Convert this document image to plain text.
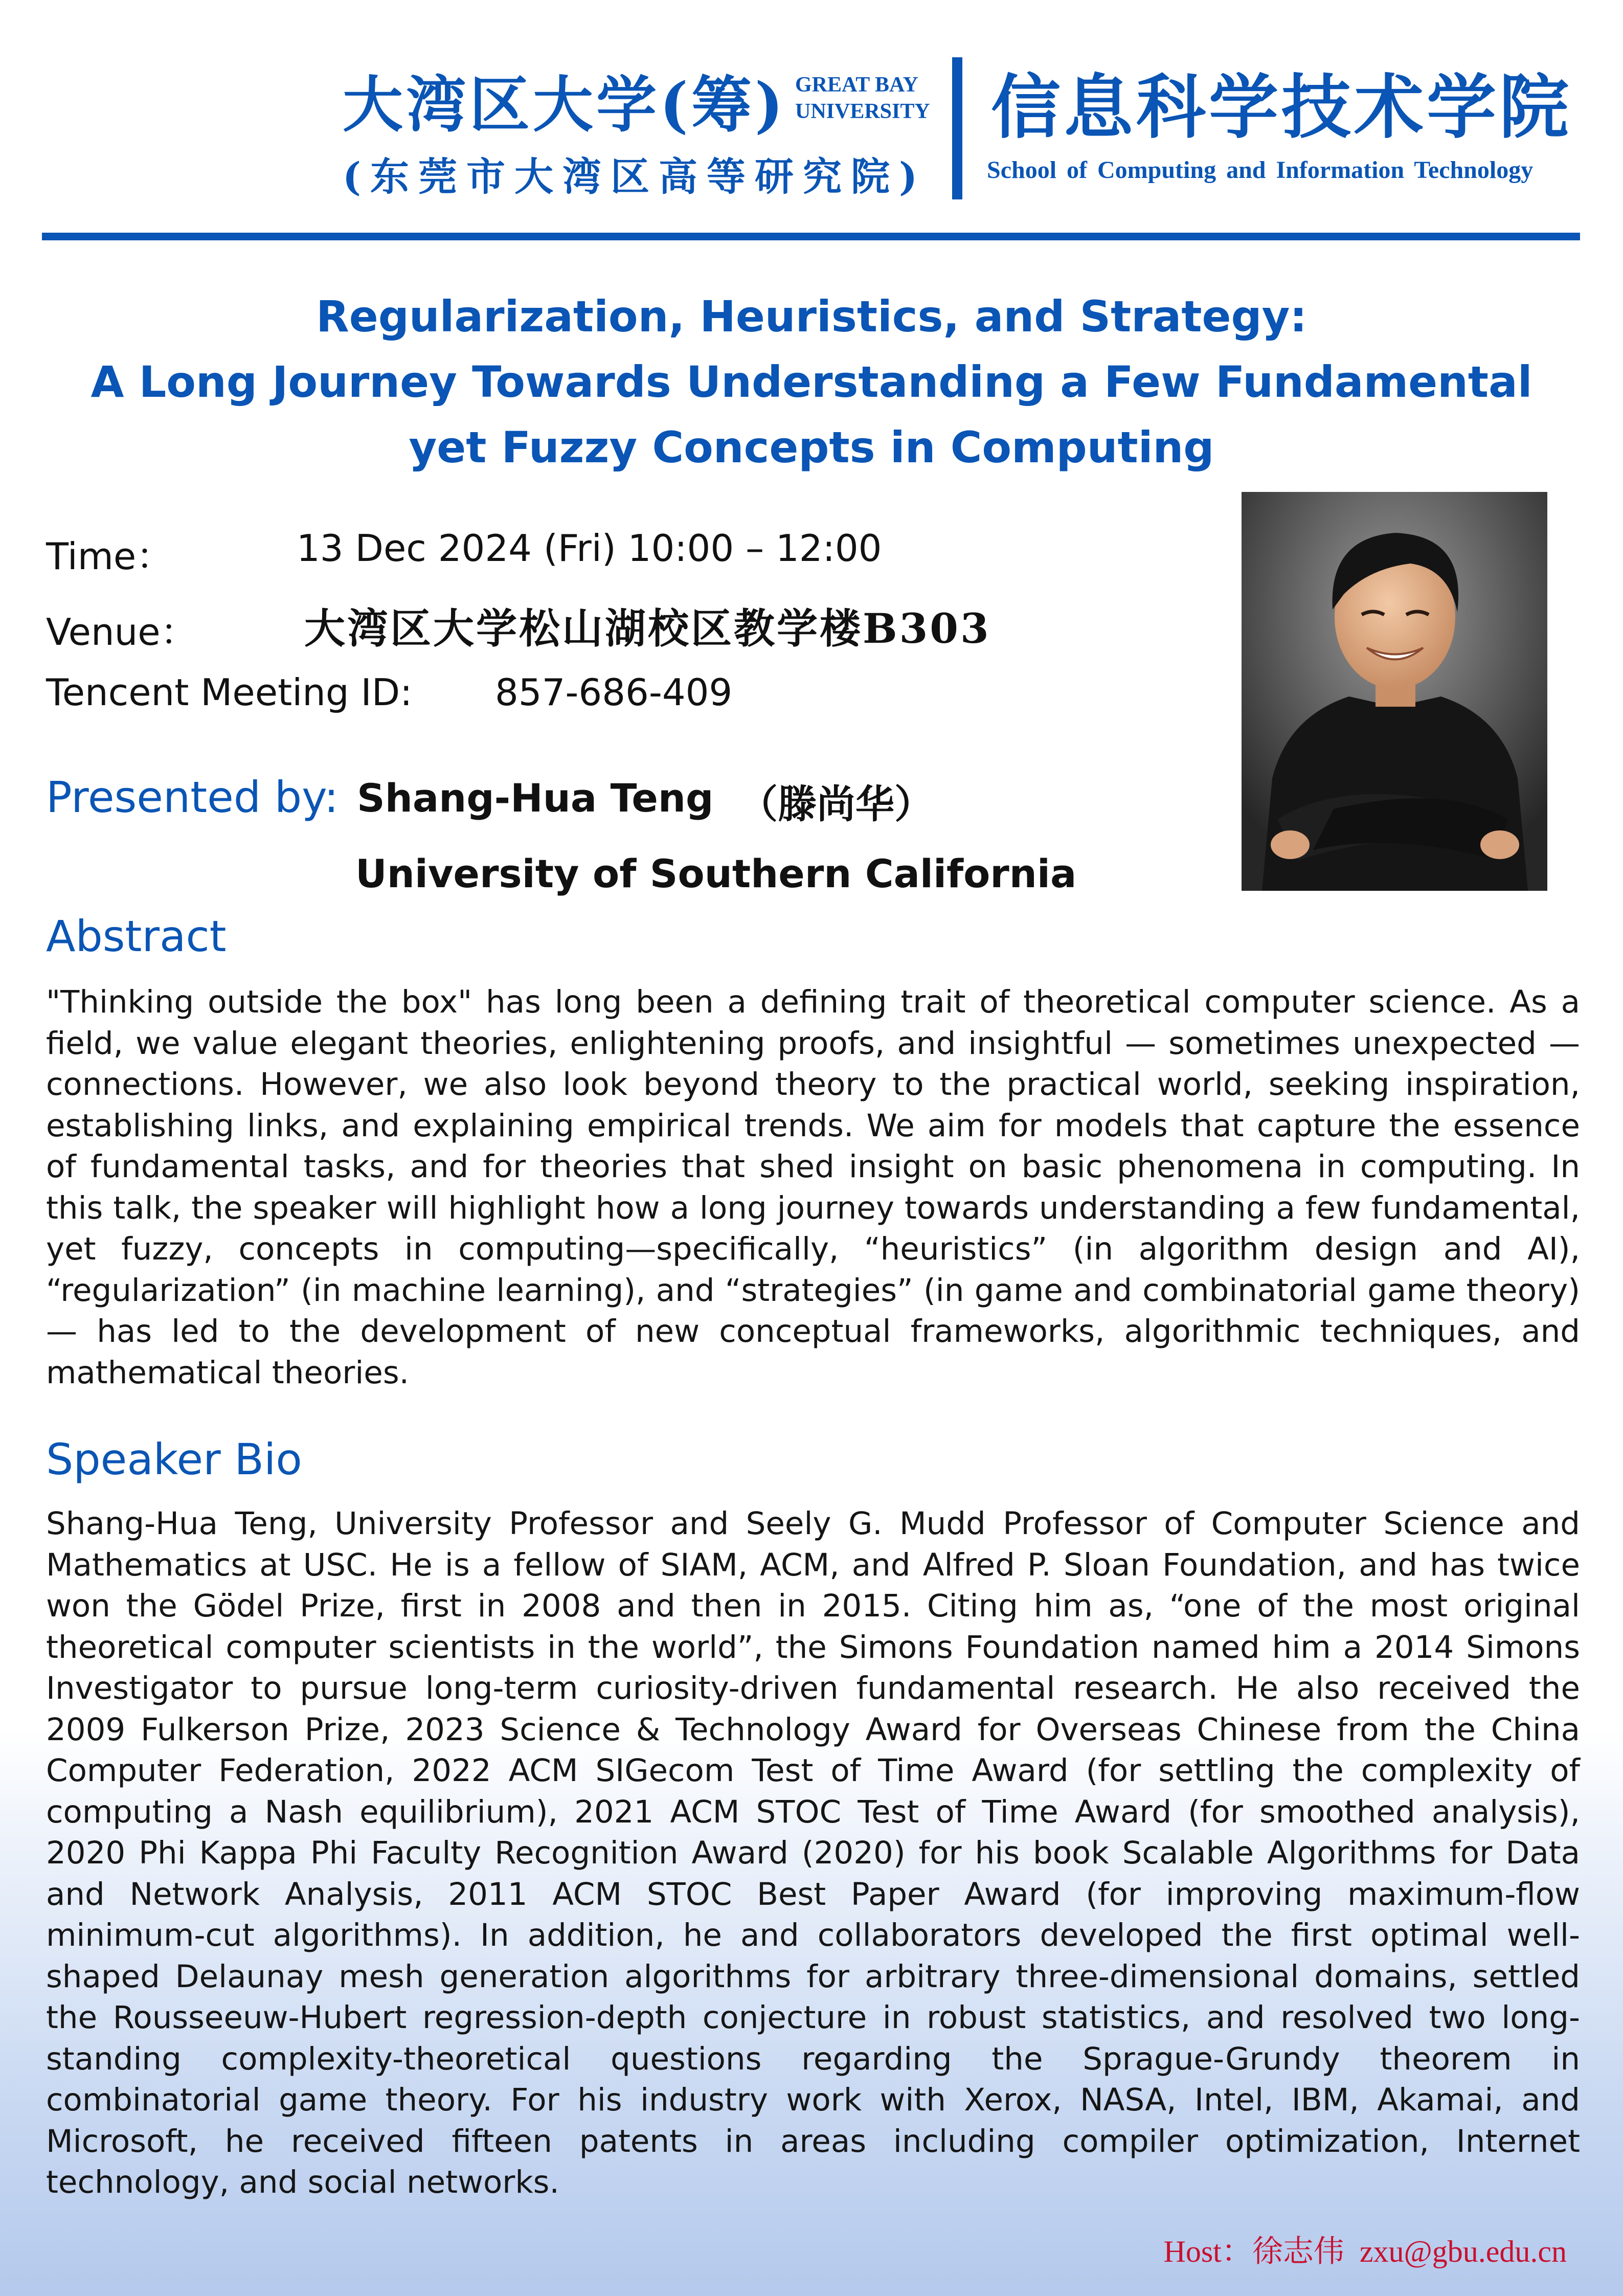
大湾区大学(筹) GREAT BAY
UNIVERSITY
(东莞市大湾区高等研究院)
信息科学技术学院
School of Computing and Information Technology
Regularization, Heuristics, and Strategy:
A Long Journey Towards Understanding a Few Fundamental
yet Fuzzy Concepts in Computing
Time：	13 Dec 2024 (Fri) 10:00 – 12:00
Venue：	大湾区大学松山湖校区教学楼B303
Tencent Meeting ID: 857-686-409
Presented by: Shang-Hua Teng （滕尚华）
University of Southern California
Abstract
"Thinking outside the box" has long been a defining trait of theoretical computer science. As a field, we value elegant theories, enlightening proofs, and insightful — sometimes unexpected — connections. However, we also look beyond theory to the practical world, seeking inspiration, establishing links, and explaining empirical trends. We aim for models that capture the essence of fundamental tasks, and for theories that shed insight on basic phenomena in computing. In this talk, the speaker will highlight how a long journey towards understanding a few fundamental, yet fuzzy, concepts in computing—specifically, “heuristics” (in algorithm design and AI), “regularization” (in machine learning), and “strategies” (in game and combinatorial game theory) — has led to the development of new conceptual frameworks, algorithmic techniques, and mathematical theories.
Speaker Bio
Shang-Hua Teng, University Professor and Seely G. Mudd Professor of Computer Science and Mathematics at USC. He is a fellow of SIAM, ACM, and Alfred P. Sloan Foundation, and has twice won the Gödel Prize, first in 2008 and then in 2015. Citing him as, “one of the most original theoretical computer scientists in the world”, the Simons Foundation named him a 2014 Simons Investigator to pursue long-term curiosity-driven fundamental research. He also received the 2009 Fulkerson Prize, 2023 Science & Technology Award for Overseas Chinese from the China Computer Federation, 2022 ACM SIGecom Test of Time Award (for settling the complexity of computing a Nash equilibrium), 2021 ACM STOC Test of Time Award (for smoothed analysis), 2020 Phi Kappa Phi Faculty Recognition Award (2020) for his book Scalable Algorithms for Data and Network Analysis, 2011 ACM STOC Best Paper Award (for improving maximum-flow minimum-cut algorithms). In addition, he and collaborators developed the first optimal well-shaped Delaunay mesh generation algorithms for arbitrary three-dimensional domains, settled the Rousseeuw-Hubert regression-depth conjecture in robust statistics, and resolved two long-standing complexity-theoretical questions regarding the Sprague-Grundy theorem in combinatorial game theory. For his industry work with Xerox, NASA, Intel, IBM, Akamai, and Microsoft, he received fifteen patents in areas including compiler optimization, Internet technology, and social networks.
Host：徐志伟 zxu@gbu.edu.cn
